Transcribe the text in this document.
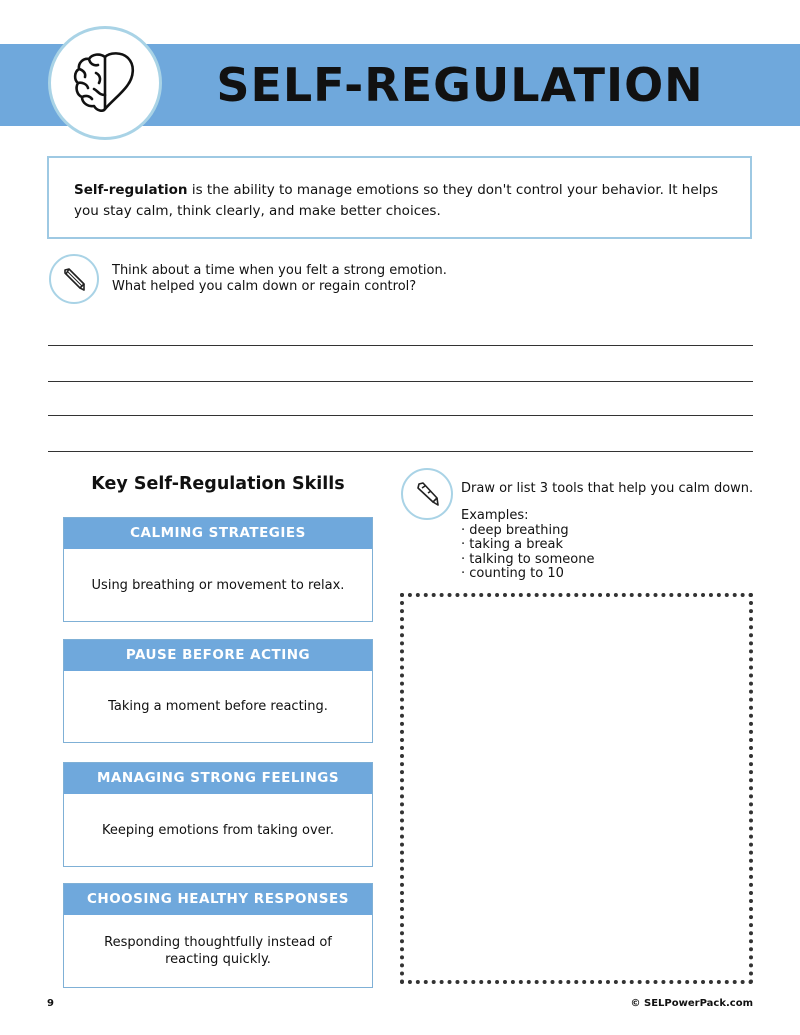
SELF-REGULATION
Self-regulation is the ability to manage emotions so they don't control your behavior. It helps you stay calm, think clearly, and make better choices.
Think about a time when you felt a strong emotion.
What helped you calm down or regain control?
Key Self-Regulation Skills
CALMING STRATEGIES
Using breathing or movement to relax.
PAUSE BEFORE ACTING
Taking a moment before reacting.
MANAGING STRONG FEELINGS
Keeping emotions from taking over.
CHOOSING HEALTHY RESPONSES
Responding thoughtfully instead of reacting quickly.
Draw or list 3 tools that help you calm down.
Examples:
· deep breathing
· taking a break
· talking to someone
· counting to 10
9	© SELPowerPack.com
